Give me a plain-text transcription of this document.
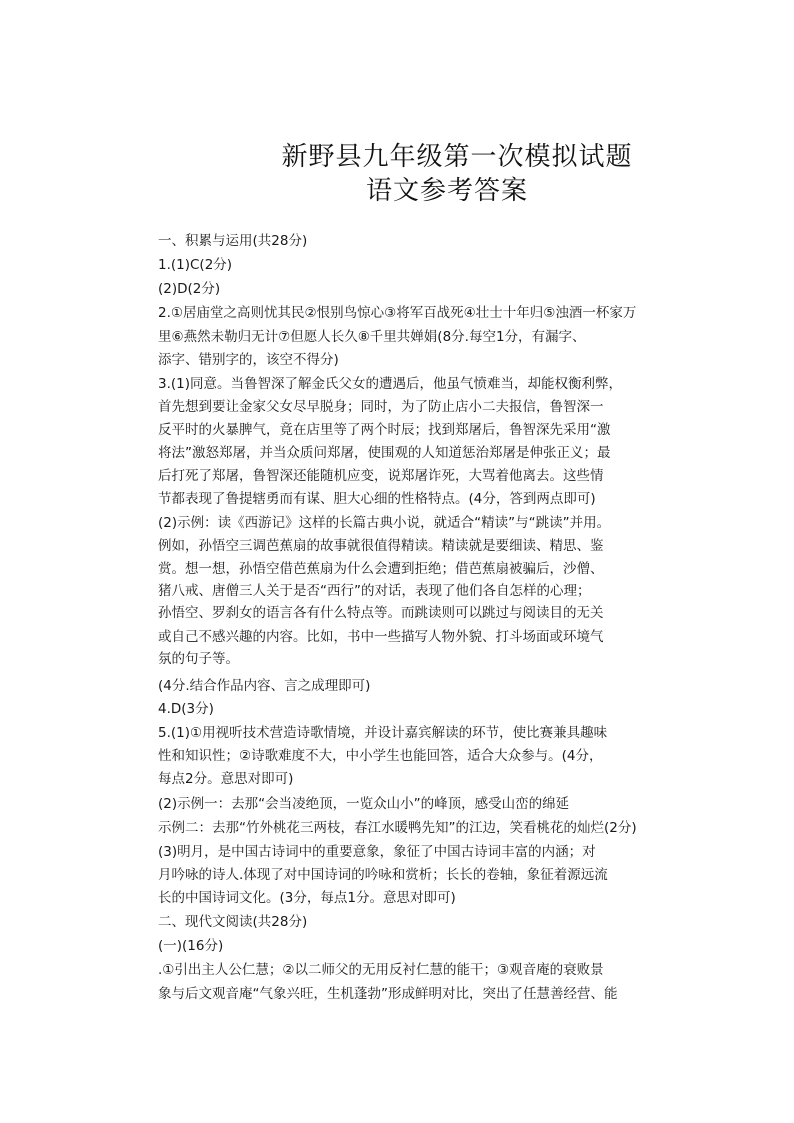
新野县九年级第一次模拟试题
语文参考答案
一、积累与运用(共28分)
1.(1)C(2分)
(2)D(2分)
2.①居庙堂之高则忧其民②恨别鸟惊心③将军百战死④壮士十年归⑤浊酒一杯家万
里⑥燕然未勒归无计⑦但愿人长久⑧千里共婵娟(8分.每空1分，有漏字、
添字、错别字的，该空不得分)
3.(1)同意。当鲁智深了解金氏父女的遭遇后，他虽气愤难当，却能权衡利弊，
首先想到要让金家父女尽早脱身；同时，为了防止店小二夫报信，鲁智深一
反平时的火暴脾气，竟在店里等了两个时辰；找到郑屠后，鲁智深先采用“激
将法”激怒郑屠，并当众质问郑屠，使围观的人知道惩治郑屠是伸张正义；最
后打死了郑屠，鲁智深还能随机应变，说郑屠诈死，大骂着他离去。这些情
节都表现了鲁提辖勇而有谋、胆大心细的性格特点。(4分，答到两点即可)
(2)示例：读《西游记》这样的长篇古典小说，就适合“精读”与“跳读”并用。
例如，孙悟空三调芭蕉扇的故事就很值得精读。精读就是要细读、精思、鉴
赏。想一想，孙悟空借芭蕉扇为什么会遭到拒绝；借芭蕉扇被骗后，沙僧、
猪八戒、唐僧三人关于是否“西行”的对话，表现了他们各自怎样的心理；
孙悟空、罗刹女的语言各有什么特点等。而跳读则可以跳过与阅读目的无关
或自己不感兴趣的内容。比如，书中一些描写人物外貌、打斗场面或环境气
氛的句子等。
(4分.结合作品内容、言之成理即可)
4.D(3分)
5.(1)①用视听技术营造诗歌情境，并设计嘉宾解读的环节，使比赛兼具趣味
性和知识性；②诗歌难度不大，中小学生也能回答，适合大众参与。(4分，
每点2分。意思对即可)
(2)示例一：去那“会当凌绝顶，一览众山小”的峰顶，感受山峦的绵延
示例二：去那“竹外桃花三两枝，春江水暖鸭先知”的江边，笑看桃花的灿烂(2分)
(3)明月，是中国古诗词中的重要意象，象征了中国古诗词丰富的内涵；对
月吟咏的诗人.体现了对中国诗词的吟咏和赏析；长长的卷轴，象征着源远流
长的中国诗词文化。(3分，每点1分。意思对即可)
二、现代文阅读(共28分)
(一)(16分)
.①引出主人公仁慧；②以二师父的无用反衬仁慧的能干；③观音庵的衰败景
象与后文观音庵“气象兴旺，生机蓬勃”形成鲜明对比，突出了任慧善经营、能
